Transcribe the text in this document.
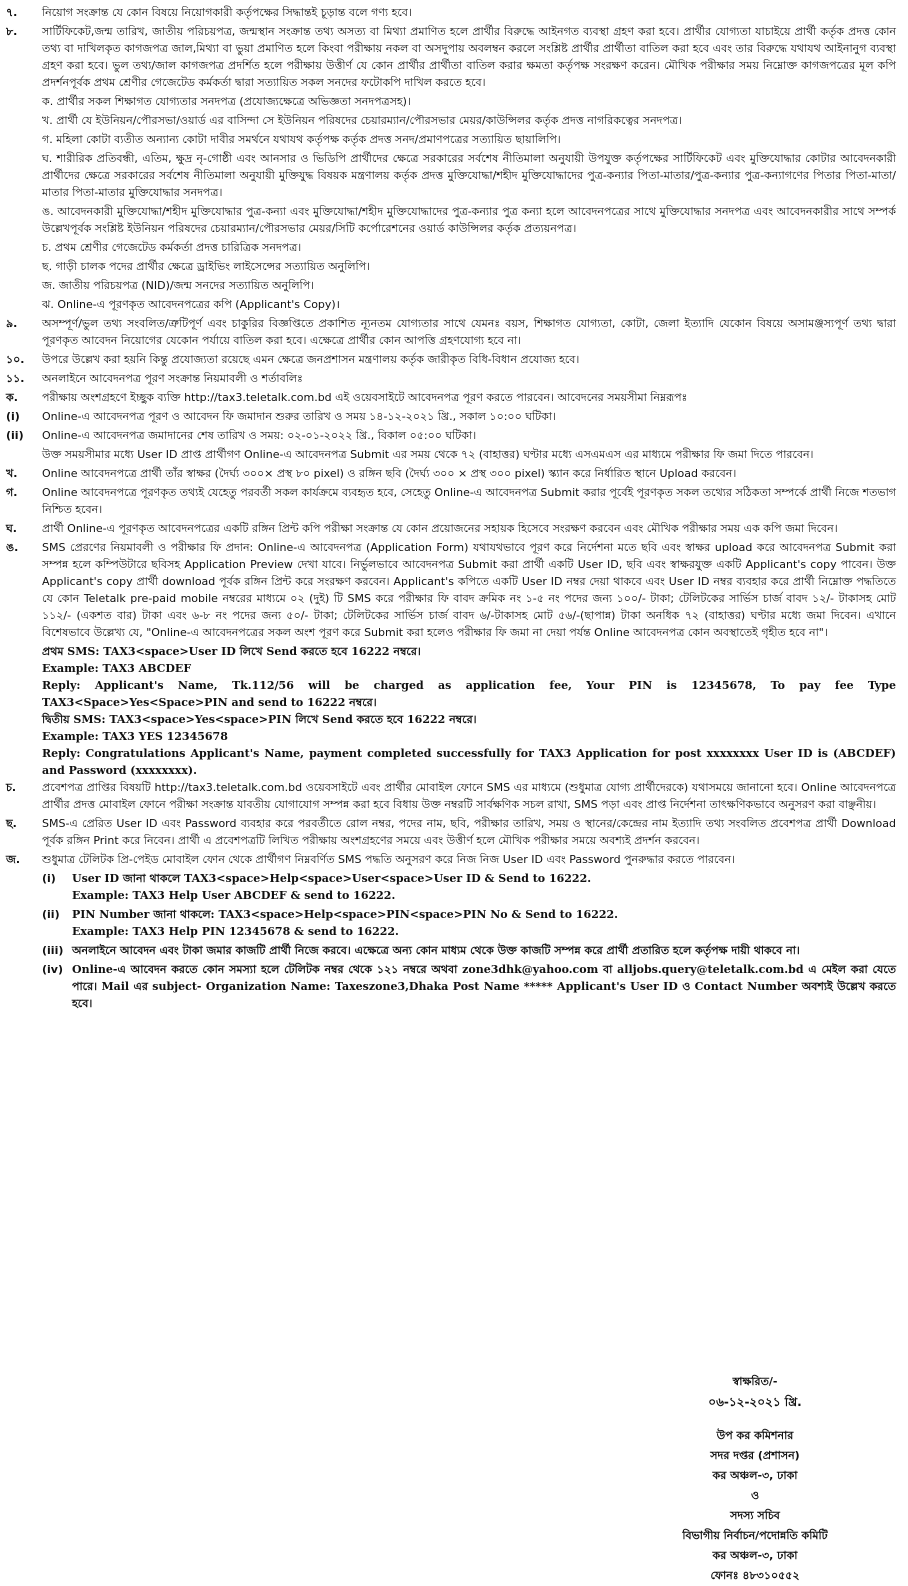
৭.	নিয়োগ সংক্রান্ত যে কোন বিষয়ে নিয়োগকারী কর্তৃপক্ষের সিদ্ধান্তই চূড়ান্ত বলে গণ্য হবে।
৮.	সার্টিফিকেট,জন্ম তারিখ, জাতীয় পরিচয়পত্র, জন্মস্থান সংক্রান্ত তথ্য অসত্য বা মিথ্যা প্রমাণিত হলে প্রার্থীর বিরুদ্ধে আইনগত ব্যবস্থা গ্রহণ করা হবে। প্রার্থীর যোগ্যতা যাচাইয়ে প্রার্থী কর্তৃক প্রদত্ত কোন তথ্য বা দাখিলকৃত কাগজপত্র জাল,মিথ্যা বা ভুয়া প্রমাণিত হলে কিংবা পরীক্ষায় নকল বা অসদুপায় অবলম্বন করলে সংশ্লিষ্ট প্রার্থীর প্রার্থীতা বাতিল করা হবে এবং তার বিরুদ্ধে যথাযথ আইনানুগ ব্যবস্থা গ্রহণ করা হবে। ভুল তথ্য/জাল কাগজপত্র প্রদর্শিত হলে পরীক্ষায় উত্তীর্ণ যে কোন প্রার্থীর প্রার্থীতা বাতিল করার ক্ষমতা কর্তৃপক্ষ সংরক্ষণ করেন। মৌখিক পরীক্ষার সময় নিম্নোক্ত কাগজপত্রের মূল কপি প্রদর্শনপূর্বক প্রথম শ্রেণীর গেজেটেড কর্মকর্তা দ্বারা সত্যায়িত সকল সনদের ফটোকপি দাখিল করতে হবে।
ক. প্রার্থীর সকল শিক্ষাগত যোগ্যতার সনদপত্র (প্রযোজ্যক্ষেত্রে অভিজ্ঞতা সনদপত্রসহ)।
খ. প্রার্থী যে ইউনিয়ন/পৌরসভা/ওয়ার্ড এর বাসিন্দা সে ইউনিয়ন পরিষদের চেয়ারম্যান/পৌরসভার মেয়র/কাউন্সিলর কর্তৃক প্রদত্ত নাগরিকত্বের সনদপত্র।
গ. মহিলা কোটা ব্যতীত অন্যান্য কোটা দাবীর সমর্থনে যথাযথ কর্তৃপক্ষ কর্তৃক প্রদত্ত সনদ/প্রমাণপত্রের সত্যায়িত ছায়ালিপি।
ঘ. শারীরিক প্রতিবন্ধী, এতিম, ক্ষুদ্র নৃ-গোষ্ঠী এবং আনসার ও ভিডিপি প্রার্থীদের ক্ষেত্রে সরকারের সর্বশেষ নীতিমালা অনুযায়ী উপযুক্ত কর্তৃপক্ষের সার্টিফিকেট এবং মুক্তিযোদ্ধার কোটার আবেদনকারী প্রার্থীদের ক্ষেত্রে সরকারের সর্বশেষ নীতিমালা অনুযায়ী মুক্তিযুদ্ধ বিষয়ক মন্ত্রণালয় কর্তৃক প্রদত্ত মুক্তিযোদ্ধা/শহীদ মুক্তিযোদ্ধাদের পুত্র-কন্যার পিতা-মাতার/পুত্র-কন্যার পুত্র-কন্যাগণের পিতার পিতা-মাতা/মাতার পিতা-মাতার মুক্তিযোদ্ধার সনদপত্র।
ঙ. আবেদনকারী মুক্তিযোদ্ধা/শহীদ মুক্তিযোদ্ধার পুত্র-কন্যা এবং মুক্তিযোদ্ধা/শহীদ মুক্তিযোদ্ধাদের পুত্র-কন্যার পুত্র কন্যা হলে আবেদনপত্রের সাথে মুক্তিযোদ্ধার সনদপত্র এবং আবেদনকারীর সাথে সম্পর্ক উল্লেখপূর্বক সংশ্লিষ্ট ইউনিয়ন পরিষদের চেয়ারম্যান/পৌরসভার মেয়র/সিটি কর্পোরেশনের ওয়ার্ড কাউন্সিলর কর্তৃক প্রত্যয়নপত্র।
চ. প্রথম শ্রেণীর গেজেটেড কর্মকর্তা প্রদত্ত চারিত্রিক সনদপত্র।
ছ. গাড়ী চালক পদের প্রার্থীর ক্ষেত্রে ড্রাইভিং লাইসেন্সের সত্যায়িত অনুলিপি।
জ. জাতীয় পরিচয়পত্র (NID)/জন্ম সনদের সত্যায়িত অনুলিপি।
ঝ. Online-এ পূরণকৃত আবেদনপত্রের কপি (Applicant's Copy)।
৯.	অসম্পূর্ণ/ভুল তথ্য সংবলিত/ত্রুটিপূর্ণ এবং চাকুরির বিজ্ঞপ্তিতে প্রকাশিত ন্যূনতম যোগ্যতার সাথে যেমনঃ বয়স, শিক্ষাগত যোগ্যতা, কোটা, জেলা ইত্যাদি যেকোন বিষয়ে অসামঞ্জস্যপূর্ণ তথ্য দ্বারা পূরণকৃত আবেদন নিয়োগের যেকোন পর্যায়ে বাতিল করা হবে। এক্ষেত্রে প্রার্থীর কোন আপত্তি গ্রহণযোগ্য হবে না।
১০.	উপরে উল্লেখ করা হয়নি কিন্তু প্রযোজ্যতা রয়েছে এমন ক্ষেত্রে জনপ্রশাসন মন্ত্রণালয় কর্তৃক জারীকৃত বিধি-বিধান প্রযোজ্য হবে।
১১.	অনলাইনে আবেদনপত্র পূরণ সংক্রান্ত নিয়মাবলী ও শর্তাবলিঃ
ক.	পরীক্ষায় অংশগ্রহণে ইচ্ছুক ব্যক্তি http://tax3.teletalk.com.bd এই ওয়েবসাইটে আবেদনপত্র পূরণ করতে পারবেন। আবেদনের সময়সীমা নিম্নরূপঃ
(i)	Online-এ আবেদনপত্র পূরণ ও আবেদন ফি জমাদান শুরুর তারিখ ও সময় ১৪-১২-২০২১ খ্রি., সকাল ১০:০০ ঘটিকা।
(ii)	Online-এ আবেদনপত্র জমাদানের শেষ তারিখ ও সময়: ০২-০১-২০২২ খ্রি., বিকাল ০৫:০০ ঘটিকা।
উক্ত সময়সীমার মধ্যে User ID প্রাপ্ত প্রার্থীগণ Online-এ আবেদনপত্র Submit এর সময় থেকে ৭২ (বাহাত্তর) ঘণ্টার মধ্যে এসএমএস এর মাধ্যমে পরীক্ষার ফি জমা দিতে পারবেন।
খ.	Online আবেদনপত্রে প্রার্থী তাঁর স্বাক্ষর (দৈর্ঘ্য ৩০০× প্রস্থ ৮০ pixel) ও রঙ্গিন ছবি (দৈর্ঘ্য ৩০০ × প্রস্থ ৩০০ pixel) স্ক্যান করে নির্ধারিত স্থানে Upload করবেন।
গ.	Online আবেদনপত্রে পূরণকৃত তথ্যই যেহেতু পরবর্তী সকল কার্যক্রমে ব্যবহৃত হবে, সেহেতু Online-এ আবেদনপত্র Submit করার পূর্বেই পূরণকৃত সকল তথ্যের সঠিকতা সম্পর্কে প্রার্থী নিজে শতভাগ নিশ্চিত হবেন।
ঘ.	প্রার্থী Online-এ পূরণকৃত আবেদনপত্রের একটি রঙ্গিন প্রিন্ট কপি পরীক্ষা সংক্রান্ত যে কোন প্রয়োজনের সহায়ক হিসেবে সংরক্ষণ করবেন এবং মৌখিক পরীক্ষার সময় এক কপি জমা দিবেন।
ঙ.	SMS প্রেরণের নিয়মাবলী ও পরীক্ষার ফি প্রদান: Online-এ আবেদনপত্র (Application Form) যথাযথভাবে পূরণ করে নির্দেশনা মতে ছবি এবং স্বাক্ষর upload করে আবেদনপত্র Submit করা সম্পন্ন হলে কম্পিউটারে ছবিসহ Application Preview দেখা যাবে। নির্ভুলভাবে আবেদনপত্র Submit করা প্রার্থী একটি User ID, ছবি এবং স্বাক্ষরযুক্ত একটি Applicant's copy পাবেন। উক্ত Applicant's copy প্রার্থী download পূর্বক রঙ্গিন প্রিন্ট করে সংরক্ষণ করবেন। Applicant's কপিতে একটি User ID নম্বর দেয়া থাকবে এবং User ID নম্বর ব্যবহার করে প্রার্থী নিম্নোক্ত পদ্ধতিতে যে কোন Teletalk pre-paid mobile নম্বরের মাধ্যমে ০২ (দুই) টি SMS করে পরীক্ষার ফি বাবদ ক্রমিক নং ১-৫ নং পদের জন্য ১০০/- টাকা; টেলিটকের সার্ভিস চার্জ বাবদ ১২/- টাকাসহ মোট ১১২/- (একশত বার) টাকা এবং ৬-৮ নং পদের জন্য ৫০/- টাকা; টেলিটকের সার্ভিস চার্জ বাবদ ৬/-টাকাসহ মোট ৫৬/-(ছাপান্ন) টাকা অনধিক ৭২ (বাহাত্তর) ঘণ্টার মধ্যে জমা দিবেন। এখানে বিশেষভাবে উল্লেখ্য যে, "Online-এ আবেদনপত্রের সকল অংশ পূরণ করে Submit করা হলেও পরীক্ষার ফি জমা না দেয়া পর্যন্ত Online আবেদনপত্র কোন অবস্থাতেই গৃহীত হবে না"।
প্রথম SMS: TAX3<space>User ID লিখে Send করতে হবে 16222 নম্বরে।
Example: TAX3 ABCDEF
Reply: Applicant's Name, Tk.112/56 will be charged as application fee, Your PIN is 12345678, To pay fee Type TAX3<Space>Yes<Space>PIN and send to 16222 নম্বরে।
দ্বিতীয় SMS: TAX3<space>Yes<space>PIN লিখে Send করতে হবে 16222 নম্বরে।
Example: TAX3 YES 12345678
Reply: Congratulations Applicant's Name, payment completed successfully for TAX3 Application for post xxxxxxxx User ID is (ABCDEF) and Password (xxxxxxxx).
চ.	প্রবেশপত্র প্রাপ্তির বিষয়টি http://tax3.teletalk.com.bd ওয়েবসাইটে এবং প্রার্থীর মোবাইল ফোনে SMS এর মাধ্যমে (শুধুমাত্র যোগ্য প্রার্থীদেরকে) যথাসময়ে জানানো হবে। Online আবেদনপত্রে প্রার্থীর প্রদত্ত মোবাইল ফোনে পরীক্ষা সংক্রান্ত যাবতীয় যোগাযোগ সম্পন্ন করা হবে বিধায় উক্ত নম্বরটি সার্বক্ষণিক সচল রাখা, SMS পড়া এবং প্রাপ্ত নির্দেশনা তাৎক্ষণিকভাবে অনুসরণ করা বাঞ্ছনীয়।
ছ.	SMS-এ প্রেরিত User ID এবং Password ব্যবহার করে পরবর্তীতে রোল নম্বর, পদের নাম, ছবি, পরীক্ষার তারিখ, সময় ও স্থানের/কেন্দ্রের নাম ইত্যাদি তথ্য সংবলিত প্রবেশপত্র প্রার্থী Download পূর্বক রঙ্গিন Print করে নিবেন। প্রার্থী এ প্রবেশপত্রটি লিখিত পরীক্ষায় অংশগ্রহণের সময়ে এবং উত্তীর্ণ হলে মৌখিক পরীক্ষার সময়ে অবশ্যই প্রদর্শন করবেন।
জ.	শুধুমাত্র টেলিটক প্রি-পেইড মোবাইল ফোন থেকে প্রার্থীগণ নিম্নবর্ণিত SMS পদ্ধতি অনুসরণ করে নিজ নিজ User ID এবং Password পুনরুদ্ধার করতে পারবেন।
(i)	User ID জানা থাকলে TAX3<space>Help<space>User<space>User ID & Send to 16222.
Example: TAX3 Help User ABCDEF & send to 16222.
(ii)	PIN Number জানা থাকলে: TAX3<space>Help<space>PIN<space>PIN No & Send to 16222.
Example: TAX3 Help PIN 12345678 & send to 16222.
(iii) অনলাইনে আবেদন এবং টাকা জমার কাজটি প্রার্থী নিজে করবে। এক্ষেত্রে অন্য কোন মাধ্যম থেকে উক্ত কাজটি সম্পন্ন করে প্রার্থী প্রতারিত হলে কর্তৃপক্ষ দায়ী থাকবে না।
(iv) Online-এ আবেদন করতে কোন সমস্যা হলে টেলিটক নম্বর থেকে ১২১ নম্বরে অথবা zone3dhk@yahoo.com বা alljobs.query@teletalk.com.bd এ মেইল করা যেতে পারে। Mail এর subject- Organization Name: Taxeszone3,Dhaka Post Name ***** Applicant's User ID ও Contact Number অবশ্যই উল্লেখ করতে হবে।
স্বাক্ষরিত/-
০৬-১২-২০২১ খ্রি.
উপ কর কমিশনার
সদর দপ্তর (প্রশাসন)
কর অঞ্চল-৩, ঢাকা
ও
সদস্য সচিব
বিভাগীয় নির্বাচন/পদোন্নতি কমিটি
কর অঞ্চল-৩, ঢাকা
ফোনঃ ৪৮৩১০৫৫২
